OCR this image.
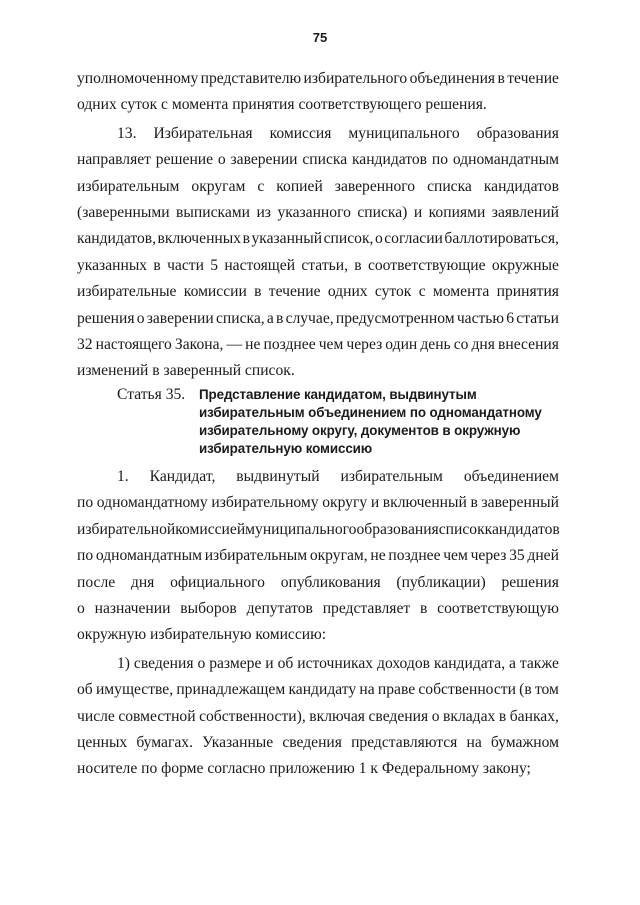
75
уполномоченному представителю избирательного объединения в течение
одних суток с момента принятия соответствующего решения.
13. Избирательная комиссия муниципального образования
направляет решение о заверении списка кандидатов по одномандатным
избирательным округам с копией заверенного списка кандидатов
(заверенными выписками из указанного списка) и копиями заявлений
кандидатов, включенных в указанный список, о согласии баллотироваться,
указанных в части 5 настоящей статьи, в соответствующие окружные
избирательные комиссии в течение одних суток с момента принятия
решения о заверении списка, а в случае, предусмотренном частью 6 статьи
32 настоящего Закона, — не позднее чем через один день со дня внесения
изменений в заверенный список.
Статья 35.	Представление кандидатом, выдвинутым
избирательным объединением по одномандатному
избирательному округу, документов в окружную
избирательную комиссию
1. Кандидат, выдвинутый избирательным объединением
по одномандатному избирательному округу и включенный в заверенный
избирательной комиссией муниципального образования список кандидатов
по одномандатным избирательным округам, не позднее чем через 35 дней
после дня официального опубликования (публикации) решения
о назначении выборов депутатов представляет в соответствующую
окружную избирательную комиссию:
1) сведения о размере и об источниках доходов кандидата, а также
об имуществе, принадлежащем кандидату на праве собственности (в том
числе совместной собственности), включая сведения о вкладах в банках,
ценных бумагах. Указанные сведения представляются на бумажном
носителе по форме согласно приложению 1 к Федеральному закону;
